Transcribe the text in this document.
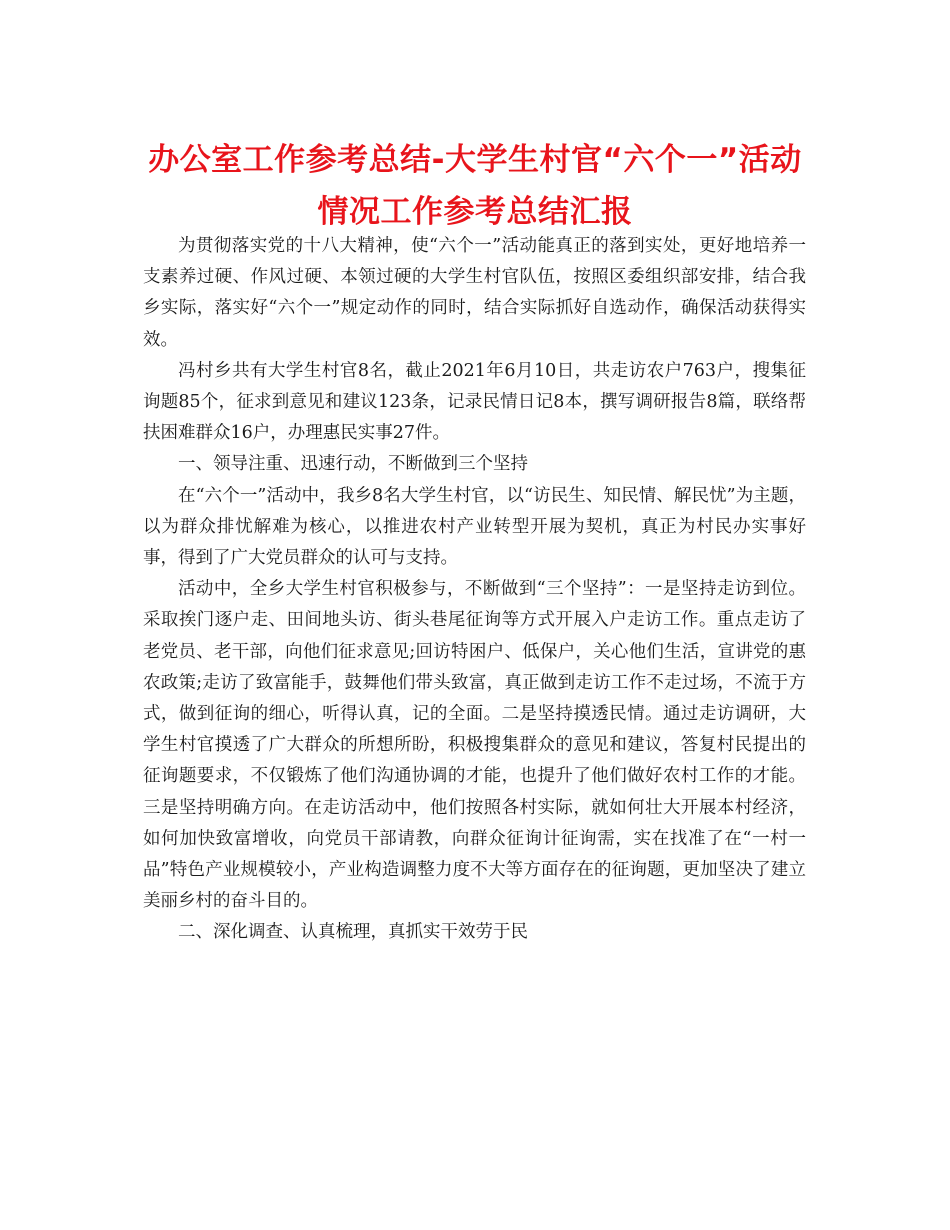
办公室工作参考总结-大学生村官“六个一”活动情况工作参考总结汇报

为贯彻落实党的十八大精神，使“六个一”活动能真正的落到实处，更好地培养一支素养过硬、作风过硬、本领过硬的大学生村官队伍，按照区委组织部安排，结合我乡实际，落实好“六个一”规定动作的同时，结合实际抓好自选动作，确保活动获得实效。

冯村乡共有大学生村官8名，截止2021年6月10日，共走访农户763户，搜集征询题85个，征求到意见和建议123条，记录民情日记8本，撰写调研报告8篇，联络帮扶困难群众16户，办理惠民实事27件。

一、领导注重、迅速行动，不断做到三个坚持

在“六个一”活动中，我乡8名大学生村官，以“访民生、知民情、解民忧”为主题，以为群众排忧解难为核心，以推进农村产业转型开展为契机，真正为村民办实事好事，得到了广大党员群众的认可与支持。

活动中，全乡大学生村官积极参与，不断做到“三个坚持”：一是坚持走访到位。采取挨门逐户走、田间地头访、街头巷尾征询等方式开展入户走访工作。重点走访了老党员、老干部，向他们征求意见;回访特困户、低保户，关心他们生活，宣讲党的惠农政策;走访了致富能手，鼓舞他们带头致富，真正做到走访工作不走过场，不流于方式，做到征询的细心，听得认真，记的全面。二是坚持摸透民情。通过走访调研，大学生村官摸透了广大群众的所想所盼，积极搜集群众的意见和建议，答复村民提出的征询题要求，不仅锻炼了他们沟通协调的才能，也提升了他们做好农村工作的才能。三是坚持明确方向。在走访活动中，他们按照各村实际，就如何壮大开展本村经济，如何加快致富增收，向党员干部请教，向群众征询计征询需，实在找准了在“一村一品”特色产业规模较小，产业构造调整力度不大等方面存在的征询题，更加坚决了建立美丽乡村的奋斗目的。

二、深化调查、认真梳理，真抓实干效劳于民
